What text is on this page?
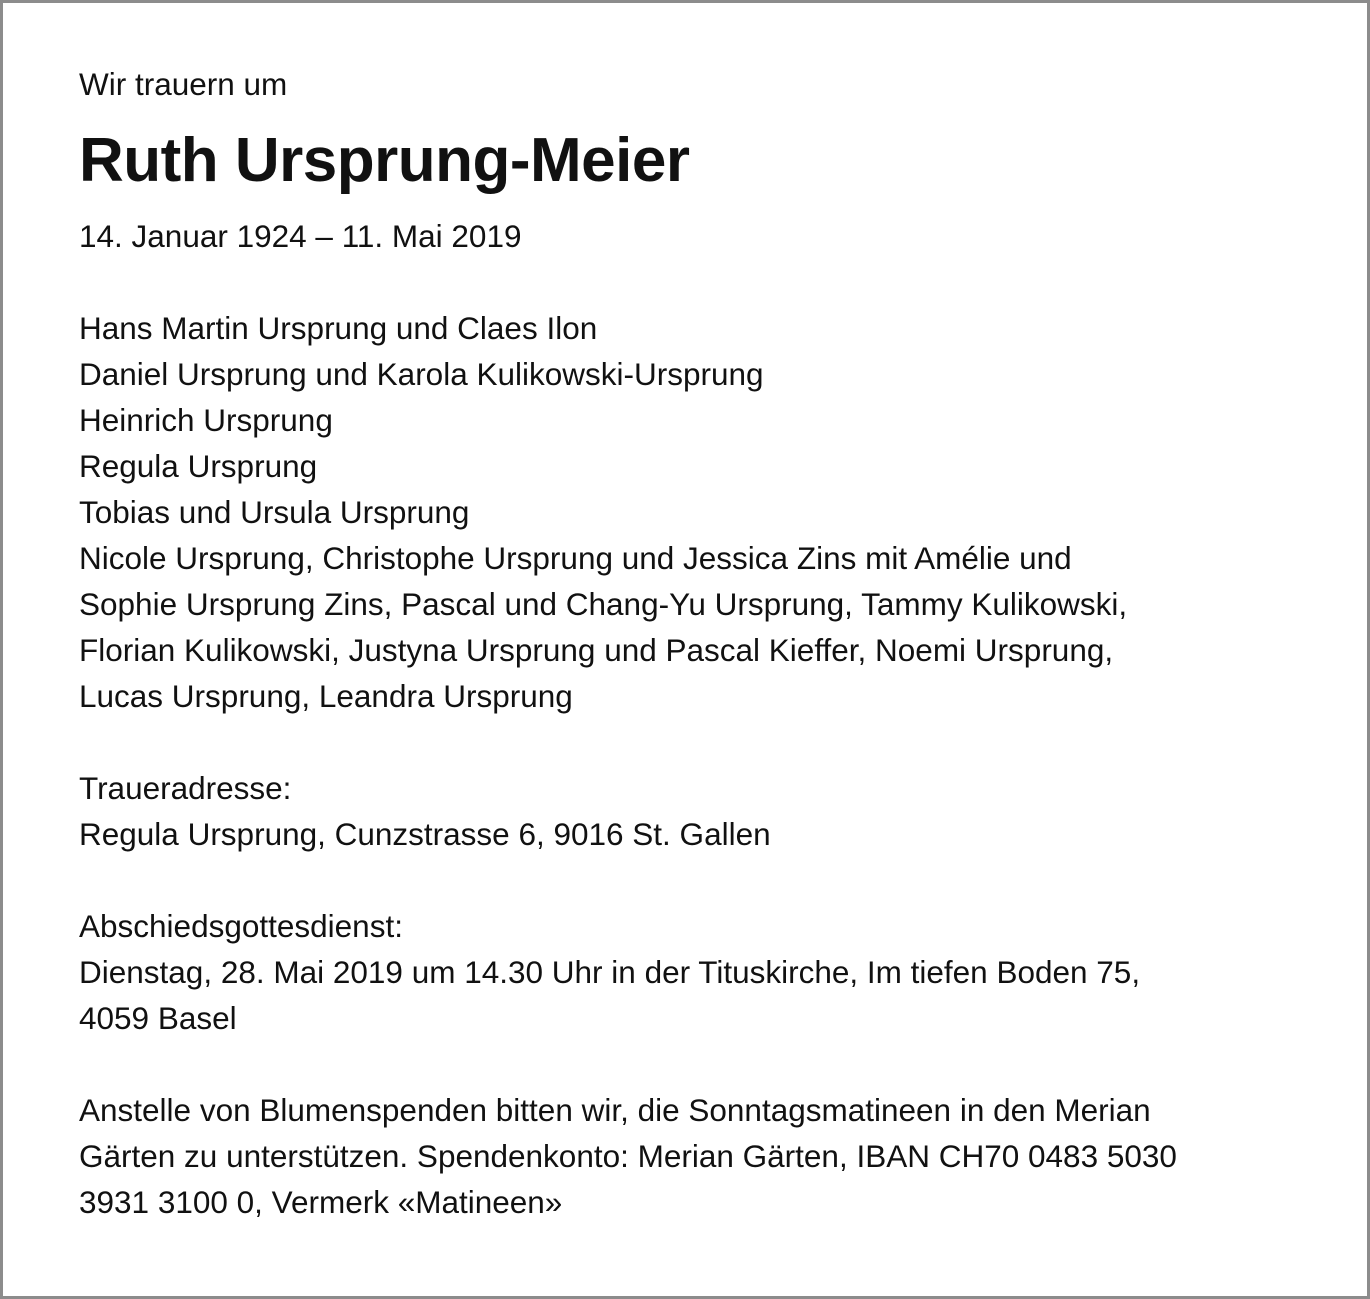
Wir trauern um

Ruth Ursprung-Meier

14. Januar 1924 – 11. Mai 2019

Hans Martin Ursprung und Claes Ilon
Daniel Ursprung und Karola Kulikowski-Ursprung
Heinrich Ursprung
Regula Ursprung
Tobias und Ursula Ursprung
Nicole Ursprung, Christophe Ursprung und Jessica Zins mit Amélie und
Sophie Ursprung Zins, Pascal und Chang-Yu Ursprung, Tammy Kulikowski,
Florian Kulikowski, Justyna Ursprung und Pascal Kieffer, Noemi Ursprung,
Lucas Ursprung, Leandra Ursprung
Traueradresse:
Regula Ursprung, Cunzstrasse 6, 9016 St. Gallen
Abschiedsgottesdienst:
Dienstag, 28. Mai 2019 um 14.30 Uhr in der Tituskirche, Im tiefen Boden 75,
4059 Basel
Anstelle von Blumenspenden bitten wir, die Sonntagsmatineen in den Merian
Gärten zu unterstützen. Spendenkonto: Merian Gärten, IBAN CH70 0483 5030
3931 3100 0, Vermerk «Matineen»
